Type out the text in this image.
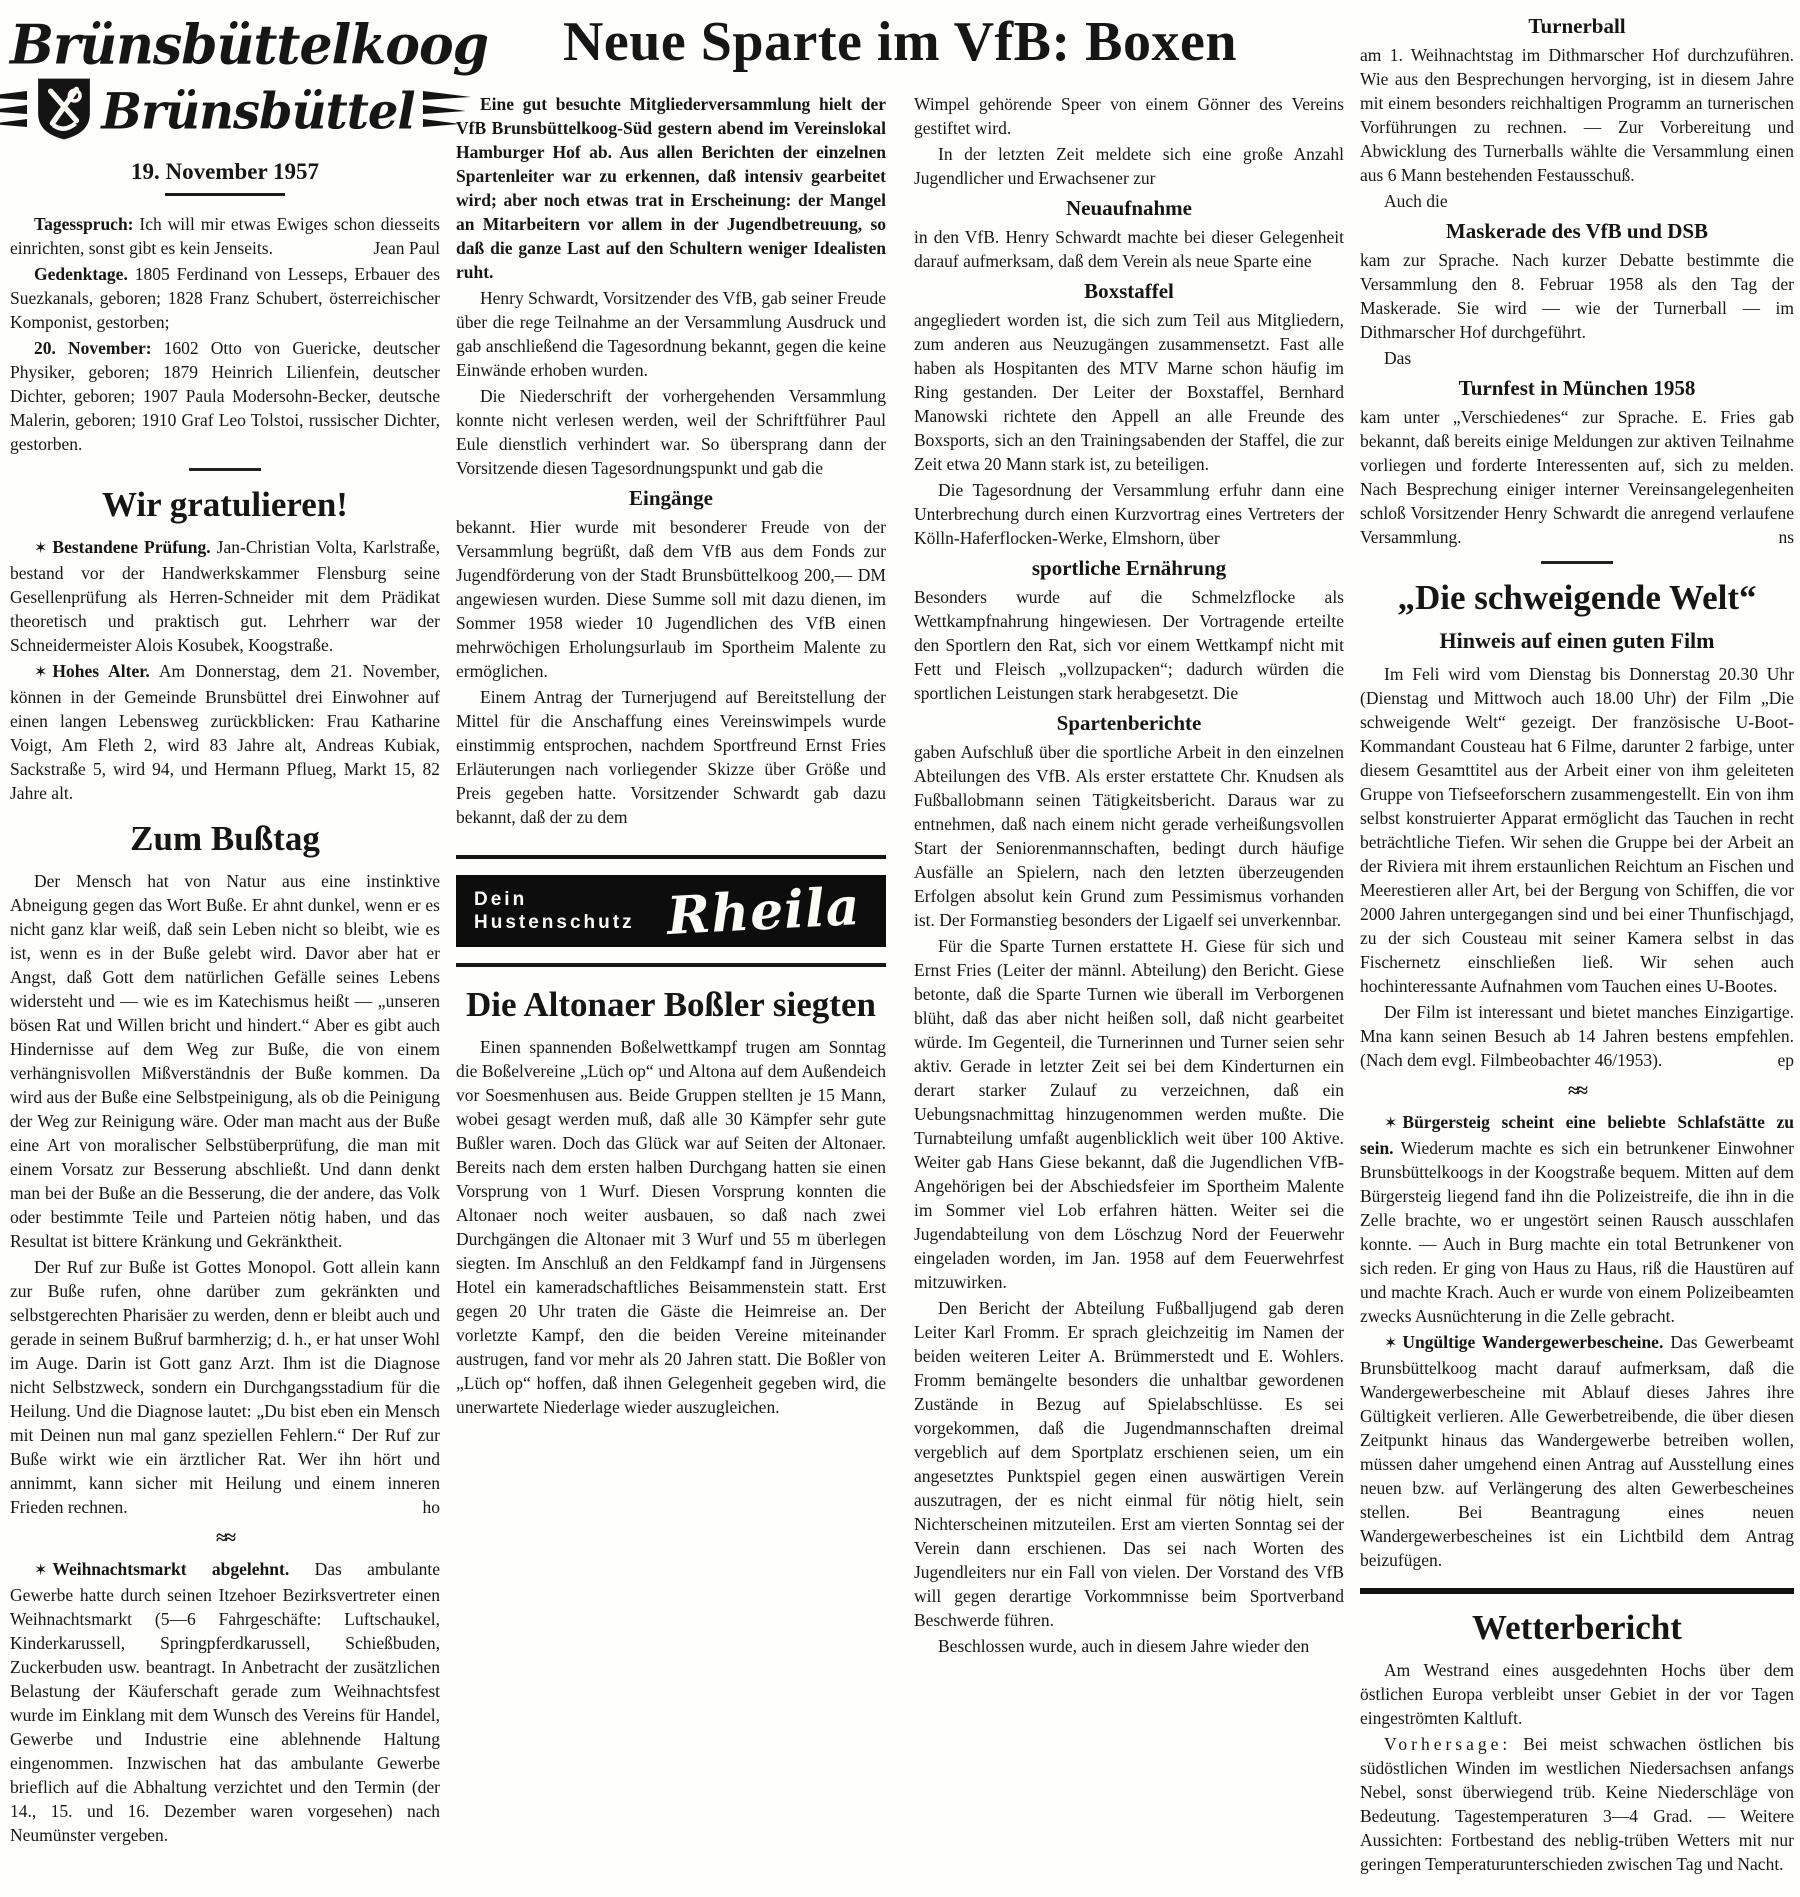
Brünsbüttelkoog
Brünsbüttel
19. November 1957

Tagesspruch: Ich will mir etwas Ewiges schon diesseits einrichten, sonst gibt es kein Jenseits.	Jean Paul

Gedenktage. 1805 Ferdinand von Lesseps, Erbauer des Suezkanals, geboren; 1828 Franz Schubert, österreichischer Komponist, gestorben;

20. November: 1602 Otto von Guericke, deutscher Physiker, geboren; 1879 Heinrich Lilienfein, deutscher Dichter, geboren; 1907 Paula Modersohn-Becker, deutsche Malerin, geboren; 1910 Graf Leo Tolstoi, russischer Dichter, gestorben.

Wir gratulieren!

✶ Bestandene Prüfung. Jan-Christian Volta, Karlstraße, bestand vor der Handwerkskammer Flensburg seine Gesellenprüfung als Herren-Schneider mit dem Prädikat theoretisch und praktisch gut. Lehrherr war der Schneidermeister Alois Kosubek, Koogstraße.

✶ Hohes Alter. Am Donnerstag, dem 21. November, können in der Gemeinde Brunsbüttel drei Einwohner auf einen langen Lebensweg zurückblicken: Frau Katharine Voigt, Am Fleth 2, wird 83 Jahre alt, Andreas Kubiak, Sackstraße 5, wird 94, und Hermann Pflueg, Markt 15, 82 Jahre alt.

Zum Bußtag

Der Mensch hat von Natur aus eine instinktive Abneigung gegen das Wort Buße. Er ahnt dunkel, wenn er es nicht ganz klar weiß, daß sein Leben nicht so bleibt, wie es ist, wenn es in der Buße gelebt wird. Davor aber hat er Angst, daß Gott dem natürlichen Gefälle seines Lebens widersteht und — wie es im Katechismus heißt — „unseren bösen Rat und Willen bricht und hindert.“ Aber es gibt auch Hindernisse auf dem Weg zur Buße, die von einem verhängnisvollen Mißverständnis der Buße kommen. Da wird aus der Buße eine Selbstpeinigung, als ob die Peinigung der Weg zur Reinigung wäre. Oder man macht aus der Buße eine Art von moralischer Selbstüberprüfung, die man mit einem Vorsatz zur Besserung abschließt. Und dann denkt man bei der Buße an die Besserung, die der andere, das Volk oder bestimmte Teile und Parteien nötig haben, und das Resultat ist bittere Kränkung und Gekränktheit.

Der Ruf zur Buße ist Gottes Monopol. Gott allein kann zur Buße rufen, ohne darüber zum gekränkten und selbstgerechten Pharisäer zu werden, denn er bleibt auch und gerade in seinem Bußruf barmherzig; d. h., er hat unser Wohl im Auge. Darin ist Gott ganz Arzt. Ihm ist die Diagnose nicht Selbstzweck, sondern ein Durchgangsstadium für die Heilung. Und die Diagnose lautet: „Du bist eben ein Mensch mit Deinen nun mal ganz speziellen Fehlern.“ Der Ruf zur Buße wirkt wie ein ärztlicher Rat. Wer ihn hört und annimmt, kann sicher mit Heilung und einem inneren Frieden rechnen.	ho

≈≈

✶ Weihnachtsmarkt abgelehnt. Das ambulante Gewerbe hatte durch seinen Itzehoer Bezirksvertreter einen Weihnachtsmarkt (5—6 Fahrgeschäfte: Luftschaukel, Kinderkarussell, Springpferdkarussell, Schießbuden, Zuckerbuden usw. beantragt. In Anbetracht der zusätzlichen Belastung der Käuferschaft gerade zum Weihnachtsfest wurde im Einklang mit dem Wunsch des Vereins für Handel, Gewerbe und Industrie eine ablehnende Haltung eingenommen. Inzwischen hat das ambulante Gewerbe brieflich auf die Abhaltung verzichtet und den Termin (der 14., 15. und 16. Dezember waren vorgesehen) nach Neumünster vergeben.

Neue Sparte im VfB: Boxen

Eine gut besuchte Mitgliederversammlung hielt der VfB Brunsbüttelkoog-Süd gestern abend im Vereinslokal Hamburger Hof ab. Aus allen Berichten der einzelnen Spartenleiter war zu erkennen, daß intensiv gearbeitet wird; aber noch etwas trat in Erscheinung: der Mangel an Mitarbeitern vor allem in der Jugendbetreuung, so daß die ganze Last auf den Schultern weniger Idealisten ruht.

Henry Schwardt, Vorsitzender des VfB, gab seiner Freude über die rege Teilnahme an der Versammlung Ausdruck und gab anschließend die Tagesordnung bekannt, gegen die keine Einwände erhoben wurden.

Die Niederschrift der vorhergehenden Versammlung konnte nicht verlesen werden, weil der Schriftführer Paul Eule dienstlich verhindert war. So übersprang dann der Vorsitzende diesen Tagesordnungspunkt und gab die

Eingänge

bekannt. Hier wurde mit besonderer Freude von der Versammlung begrüßt, daß dem VfB aus dem Fonds zur Jugendförderung von der Stadt Brunsbüttelkoog 200,— DM angewiesen wurden. Diese Summe soll mit dazu dienen, im Sommer 1958 wieder 10 Jugendlichen des VfB einen mehrwöchigen Erholungsurlaub im Sportheim Malente zu ermöglichen.

Einem Antrag der Turnerjugend auf Bereitstellung der Mittel für die Anschaffung eines Vereinswimpels wurde einstimmig entsprochen, nachdem Sportfreund Ernst Fries Erläuterungen nach vorliegender Skizze über Größe und Preis gegeben hatte. Vorsitzender Schwardt gab dazu bekannt, daß der zu dem

Dein
Hustenschutz Rheila
Die Altonaer Boßler siegten

Einen spannenden Boßelwettkampf trugen am Sonntag die Boßelvereine „Lüch op“ und Altona auf dem Außendeich vor Soesmenhusen aus. Beide Gruppen stellten je 15 Mann, wobei gesagt werden muß, daß alle 30 Kämpfer sehr gute Bußler waren. Doch das Glück war auf Seiten der Altonaer. Bereits nach dem ersten halben Durchgang hatten sie einen Vorsprung von 1 Wurf. Diesen Vorsprung konnten die Altonaer noch weiter ausbauen, so daß nach zwei Durchgängen die Altonaer mit 3 Wurf und 55 m überlegen siegten. Im Anschluß an den Feldkampf fand in Jürgensens Hotel ein kameradschaftliches Beisammenstein statt. Erst gegen 20 Uhr traten die Gäste die Heimreise an. Der vorletzte Kampf, den die beiden Vereine miteinander austrugen, fand vor mehr als 20 Jahren statt. Die Boßler von „Lüch op“ hoffen, daß ihnen Gelegenheit gegeben wird, die unerwartete Niederlage wieder auszugleichen.

Wimpel gehörende Speer von einem Gönner des Vereins gestiftet wird.

In der letzten Zeit meldete sich eine große Anzahl Jugendlicher und Erwachsener zur

Neuaufnahme

in den VfB. Henry Schwardt machte bei dieser Gelegenheit darauf aufmerksam, daß dem Verein als neue Sparte eine

Boxstaffel

angegliedert worden ist, die sich zum Teil aus Mitgliedern, zum anderen aus Neuzugängen zusammensetzt. Fast alle haben als Hospitanten des MTV Marne schon häufig im Ring gestanden. Der Leiter der Boxstaffel, Bernhard Manowski richtete den Appell an alle Freunde des Boxsports, sich an den Trainingsabenden der Staffel, die zur Zeit etwa 20 Mann stark ist, zu beteiligen.

Die Tagesordnung der Versammlung erfuhr dann eine Unterbrechung durch einen Kurzvortrag eines Vertreters der Kölln-Haferflocken-Werke, Elmshorn, über

sportliche Ernährung

Besonders wurde auf die Schmelzflocke als Wettkampfnahrung hingewiesen. Der Vortragende erteilte den Sportlern den Rat, sich vor einem Wettkampf nicht mit Fett und Fleisch „vollzupacken“; dadurch würden die sportlichen Leistungen stark herabgesetzt. Die

Spartenberichte

gaben Aufschluß über die sportliche Arbeit in den einzelnen Abteilungen des VfB. Als erster erstattete Chr. Knudsen als Fußballobmann seinen Tätigkeitsbericht. Daraus war zu entnehmen, daß nach einem nicht gerade verheißungsvollen Start der Seniorenmannschaften, bedingt durch häufige Ausfälle an Spielern, nach den letzten überzeugenden Erfolgen absolut kein Grund zum Pessimismus vorhanden ist. Der Formanstieg besonders der Ligaelf sei unverkennbar.

Für die Sparte Turnen erstattete H. Giese für sich und Ernst Fries (Leiter der männl. Abteilung) den Bericht. Giese betonte, daß die Sparte Turnen wie überall im Verborgenen blüht, daß das aber nicht heißen soll, daß nicht gearbeitet würde. Im Gegenteil, die Turnerinnen und Turner seien sehr aktiv. Gerade in letzter Zeit sei bei dem Kinderturnen ein derart starker Zulauf zu verzeichnen, daß ein Uebungsnachmittag hinzugenommen werden mußte. Die Turnabteilung umfaßt augenblicklich weit über 100 Aktive. Weiter gab Hans Giese bekannt, daß die Jugendlichen VfB-Angehörigen bei der Abschiedsfeier im Sportheim Malente im Sommer viel Lob erfahren hätten. Weiter sei die Jugendabteilung von dem Löschzug Nord der Feuerwehr eingeladen worden, im Jan. 1958 auf dem Feuerwehrfest mitzuwirken.

Den Bericht der Abteilung Fußballjugend gab deren Leiter Karl Fromm. Er sprach gleichzeitig im Namen der beiden weiteren Leiter A. Brümmerstedt und E. Wohlers. Fromm bemängelte besonders die unhaltbar gewordenen Zustände in Bezug auf Spielabschlüsse. Es sei vorgekommen, daß die Jugendmannschaften dreimal vergeblich auf dem Sportplatz erschienen seien, um ein angesetztes Punktspiel gegen einen auswärtigen Verein auszutragen, der es nicht einmal für nötig hielt, sein Nichterscheinen mitzuteilen. Erst am vierten Sonntag sei der Verein dann erschienen. Das sei nach Worten des Jugendleiters nur ein Fall von vielen. Der Vorstand des VfB will gegen derartige Vorkommnisse beim Sportverband Beschwerde führen.

Beschlossen wurde, auch in diesem Jahre wieder den

Turnerball

am 1. Weihnachtstag im Dithmarscher Hof durchzuführen. Wie aus den Besprechungen hervorging, ist in diesem Jahre mit einem besonders reichhaltigen Programm an turnerischen Vorführungen zu rechnen. — Zur Vorbereitung und Abwicklung des Turnerballs wählte die Versammlung einen aus 6 Mann bestehenden Festausschuß.

Auch die

Maskerade des VfB und DSB

kam zur Sprache. Nach kurzer Debatte bestimmte die Versammlung den 8. Februar 1958 als den Tag der Maskerade. Sie wird — wie der Turnerball — im Dithmarscher Hof durchgeführt.

Das

Turnfest in München 1958

kam unter „Verschiedenes“ zur Sprache. E. Fries gab bekannt, daß bereits einige Meldungen zur aktiven Teilnahme vorliegen und forderte Interessenten auf, sich zu melden. Nach Besprechung einiger interner Vereinsangelegenheiten schloß Vorsitzender Henry Schwardt die anregend verlaufene Versammlung.	ns

„Die schweigende Welt“
Hinweis auf einen guten Film

Im Feli wird vom Dienstag bis Donnerstag 20.30 Uhr (Dienstag und Mittwoch auch 18.00 Uhr) der Film „Die schweigende Welt“ gezeigt. Der französische U-Boot-Kommandant Cousteau hat 6 Filme, darunter 2 farbige, unter diesem Gesamttitel aus der Arbeit einer von ihm geleiteten Gruppe von Tiefseeforschern zusammengestellt. Ein von ihm selbst konstruierter Apparat ermöglicht das Tauchen in recht beträchtliche Tiefen. Wir sehen die Gruppe bei der Arbeit an der Riviera mit ihrem erstaunlichen Reichtum an Fischen und Meerestieren aller Art, bei der Bergung von Schiffen, die vor 2000 Jahren untergegangen sind und bei einer Thunfischjagd, zu der sich Cousteau mit seiner Kamera selbst in das Fischernetz einschließen ließ. Wir sehen auch hochinteressante Aufnahmen vom Tauchen eines U-Bootes.

Der Film ist interessant und bietet manches Einzigartige. Mna kann seinen Besuch ab 14 Jahren bestens empfehlen. (Nach dem evgl. Filmbeobachter 46/1953).	ep

≈≈

✶ Bürgersteig scheint eine beliebte Schlafstätte zu sein. Wiederum machte es sich ein betrunkener Einwohner Brunsbüttelkoogs in der Koogstraße bequem. Mitten auf dem Bürgersteig liegend fand ihn die Polizeistreife, die ihn in die Zelle brachte, wo er ungestört seinen Rausch ausschlafen konnte. — Auch in Burg machte ein total Betrunkener von sich reden. Er ging von Haus zu Haus, riß die Haustüren auf und machte Krach. Auch er wurde von einem Polizeibeamten zwecks Ausnüchterung in die Zelle gebracht.

✶ Ungültige Wandergewerbescheine. Das Gewerbeamt Brunsbüttelkoog macht darauf aufmerksam, daß die Wandergewerbescheine mit Ablauf dieses Jahres ihre Gültigkeit verlieren. Alle Gewerbetreibende, die über diesen Zeitpunkt hinaus das Wandergewerbe betreiben wollen, müssen daher umgehend einen Antrag auf Ausstellung eines neuen bzw. auf Verlängerung des alten Gewerbescheines stellen. Bei Beantragung eines neuen Wandergewerbescheines ist ein Lichtbild dem Antrag beizufügen.

Wetterbericht

Am Westrand eines ausgedehnten Hochs über dem östlichen Europa verbleibt unser Gebiet in der vor Tagen eingeströmten Kaltluft.

Vorhersage: Bei meist schwachen östlichen bis südöstlichen Winden im westlichen Niedersachsen anfangs Nebel, sonst überwiegend trüb. Keine Niederschläge von Bedeutung. Tagestemperaturen 3—4 Grad. — Weitere Aussichten: Fortbestand des neblig-trüben Wetters mit nur geringen Temperaturunterschieden zwischen Tag und Nacht.
